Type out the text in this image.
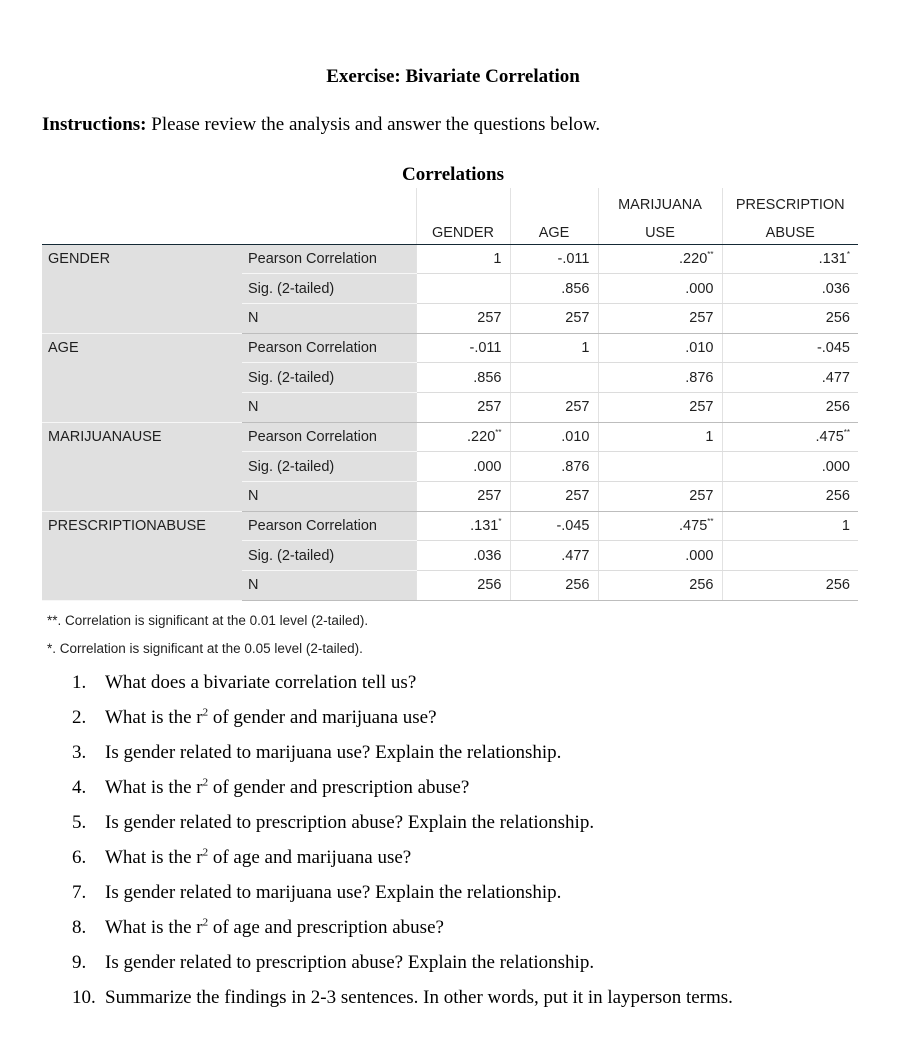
Exercise: Bivariate Correlation
Instructions: Please review the analysis and answer the questions below.
Correlations
				MARIJUANA	PRESCRIPTION
		GENDER	AGE	USE	ABUSE
GENDER	Pearson Correlation	1	-.011	.220**	.131*
	Sig. (2-tailed)		.856	.000	.036
	N	257	257	257	256
AGE	Pearson Correlation	-.011	1	.010	-.045
	Sig. (2-tailed)	.856		.876	.477
	N	257	257	257	256
MARIJUANAUSE	Pearson Correlation	.220**	.010	1	.475**
	Sig. (2-tailed)	.000	.876		.000
	N	257	257	257	256
PRESCRIPTIONABUSE	Pearson Correlation	.131*	-.045	.475**	1
	Sig. (2-tailed)	.036	.477	.000	
	N	256	256	256	256
**. Correlation is significant at the 0.01 level (2-tailed).
*. Correlation is significant at the 0.05 level (2-tailed).
1. What does a bivariate correlation tell us?
2. What is the $r^2$ of gender and marijuana use?
3. Is gender related to marijuana use? Explain the relationship.
4. What is the $r^2$ of gender and prescription abuse?
5. Is gender related to prescription abuse? Explain the relationship.
6. What is the $r^2$ of age and marijuana use?
7. Is gender related to marijuana use? Explain the relationship.
8. What is the $r^2$ of age and prescription abuse?
9. Is gender related to prescription abuse? Explain the relationship.
10. Summarize the findings in 2-3 sentences. In other words, put it in layperson terms.
